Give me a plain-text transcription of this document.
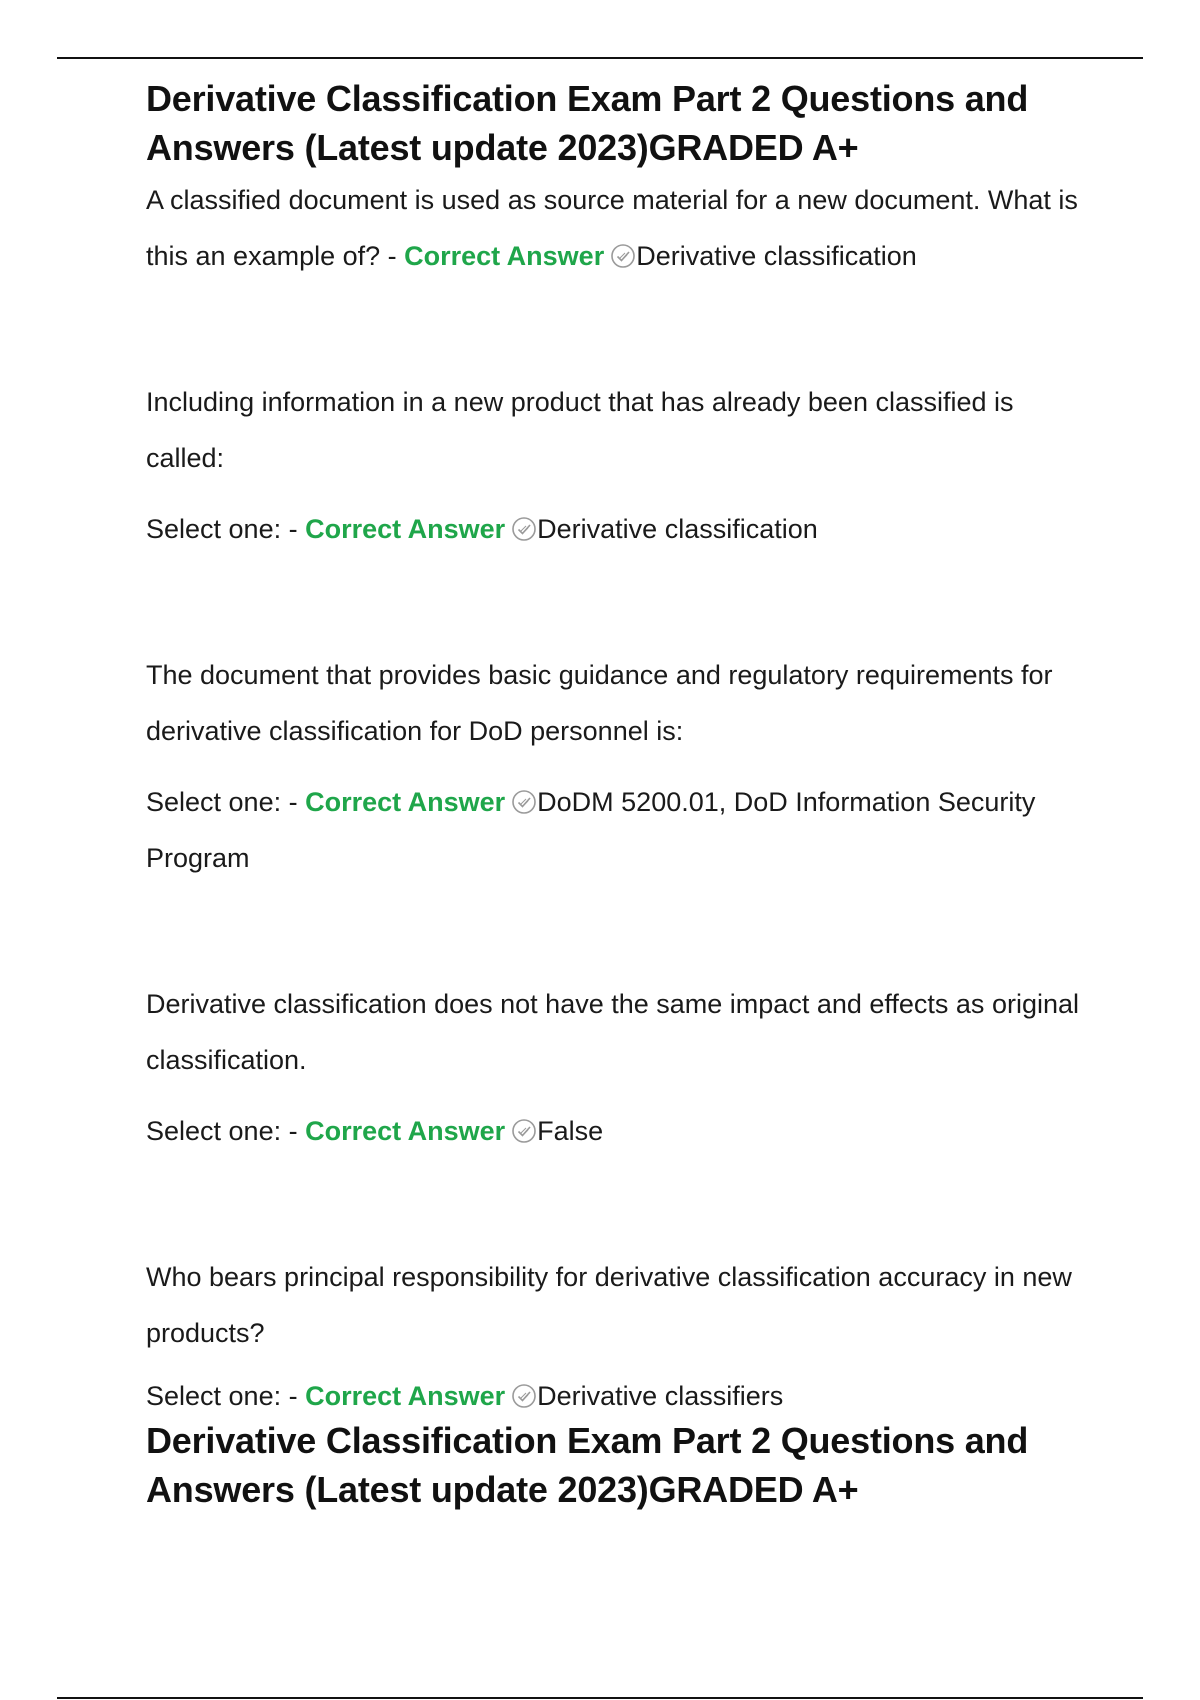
Derivative Classification Exam Part 2 Questions and Answers (Latest update 2023)GRADED A+

A classified document is used as source material for a new document. What is this an example of? - Correct Answer Derivative classification

Including information in a new product that has already been classified is called:

Select one: - Correct Answer Derivative classification

The document that provides basic guidance and regulatory requirements for derivative classification for DoD personnel is:

Select one: - Correct Answer DoDM 5200.01, DoD Information Security Program

Derivative classification does not have the same impact and effects as original classification.

Select one: - Correct Answer False

Who bears principal responsibility for derivative classification accuracy in new products?

Select one: - Correct Answer Derivative classifiers

Derivative Classification Exam Part 2 Questions and Answers (Latest update 2023)GRADED A+
